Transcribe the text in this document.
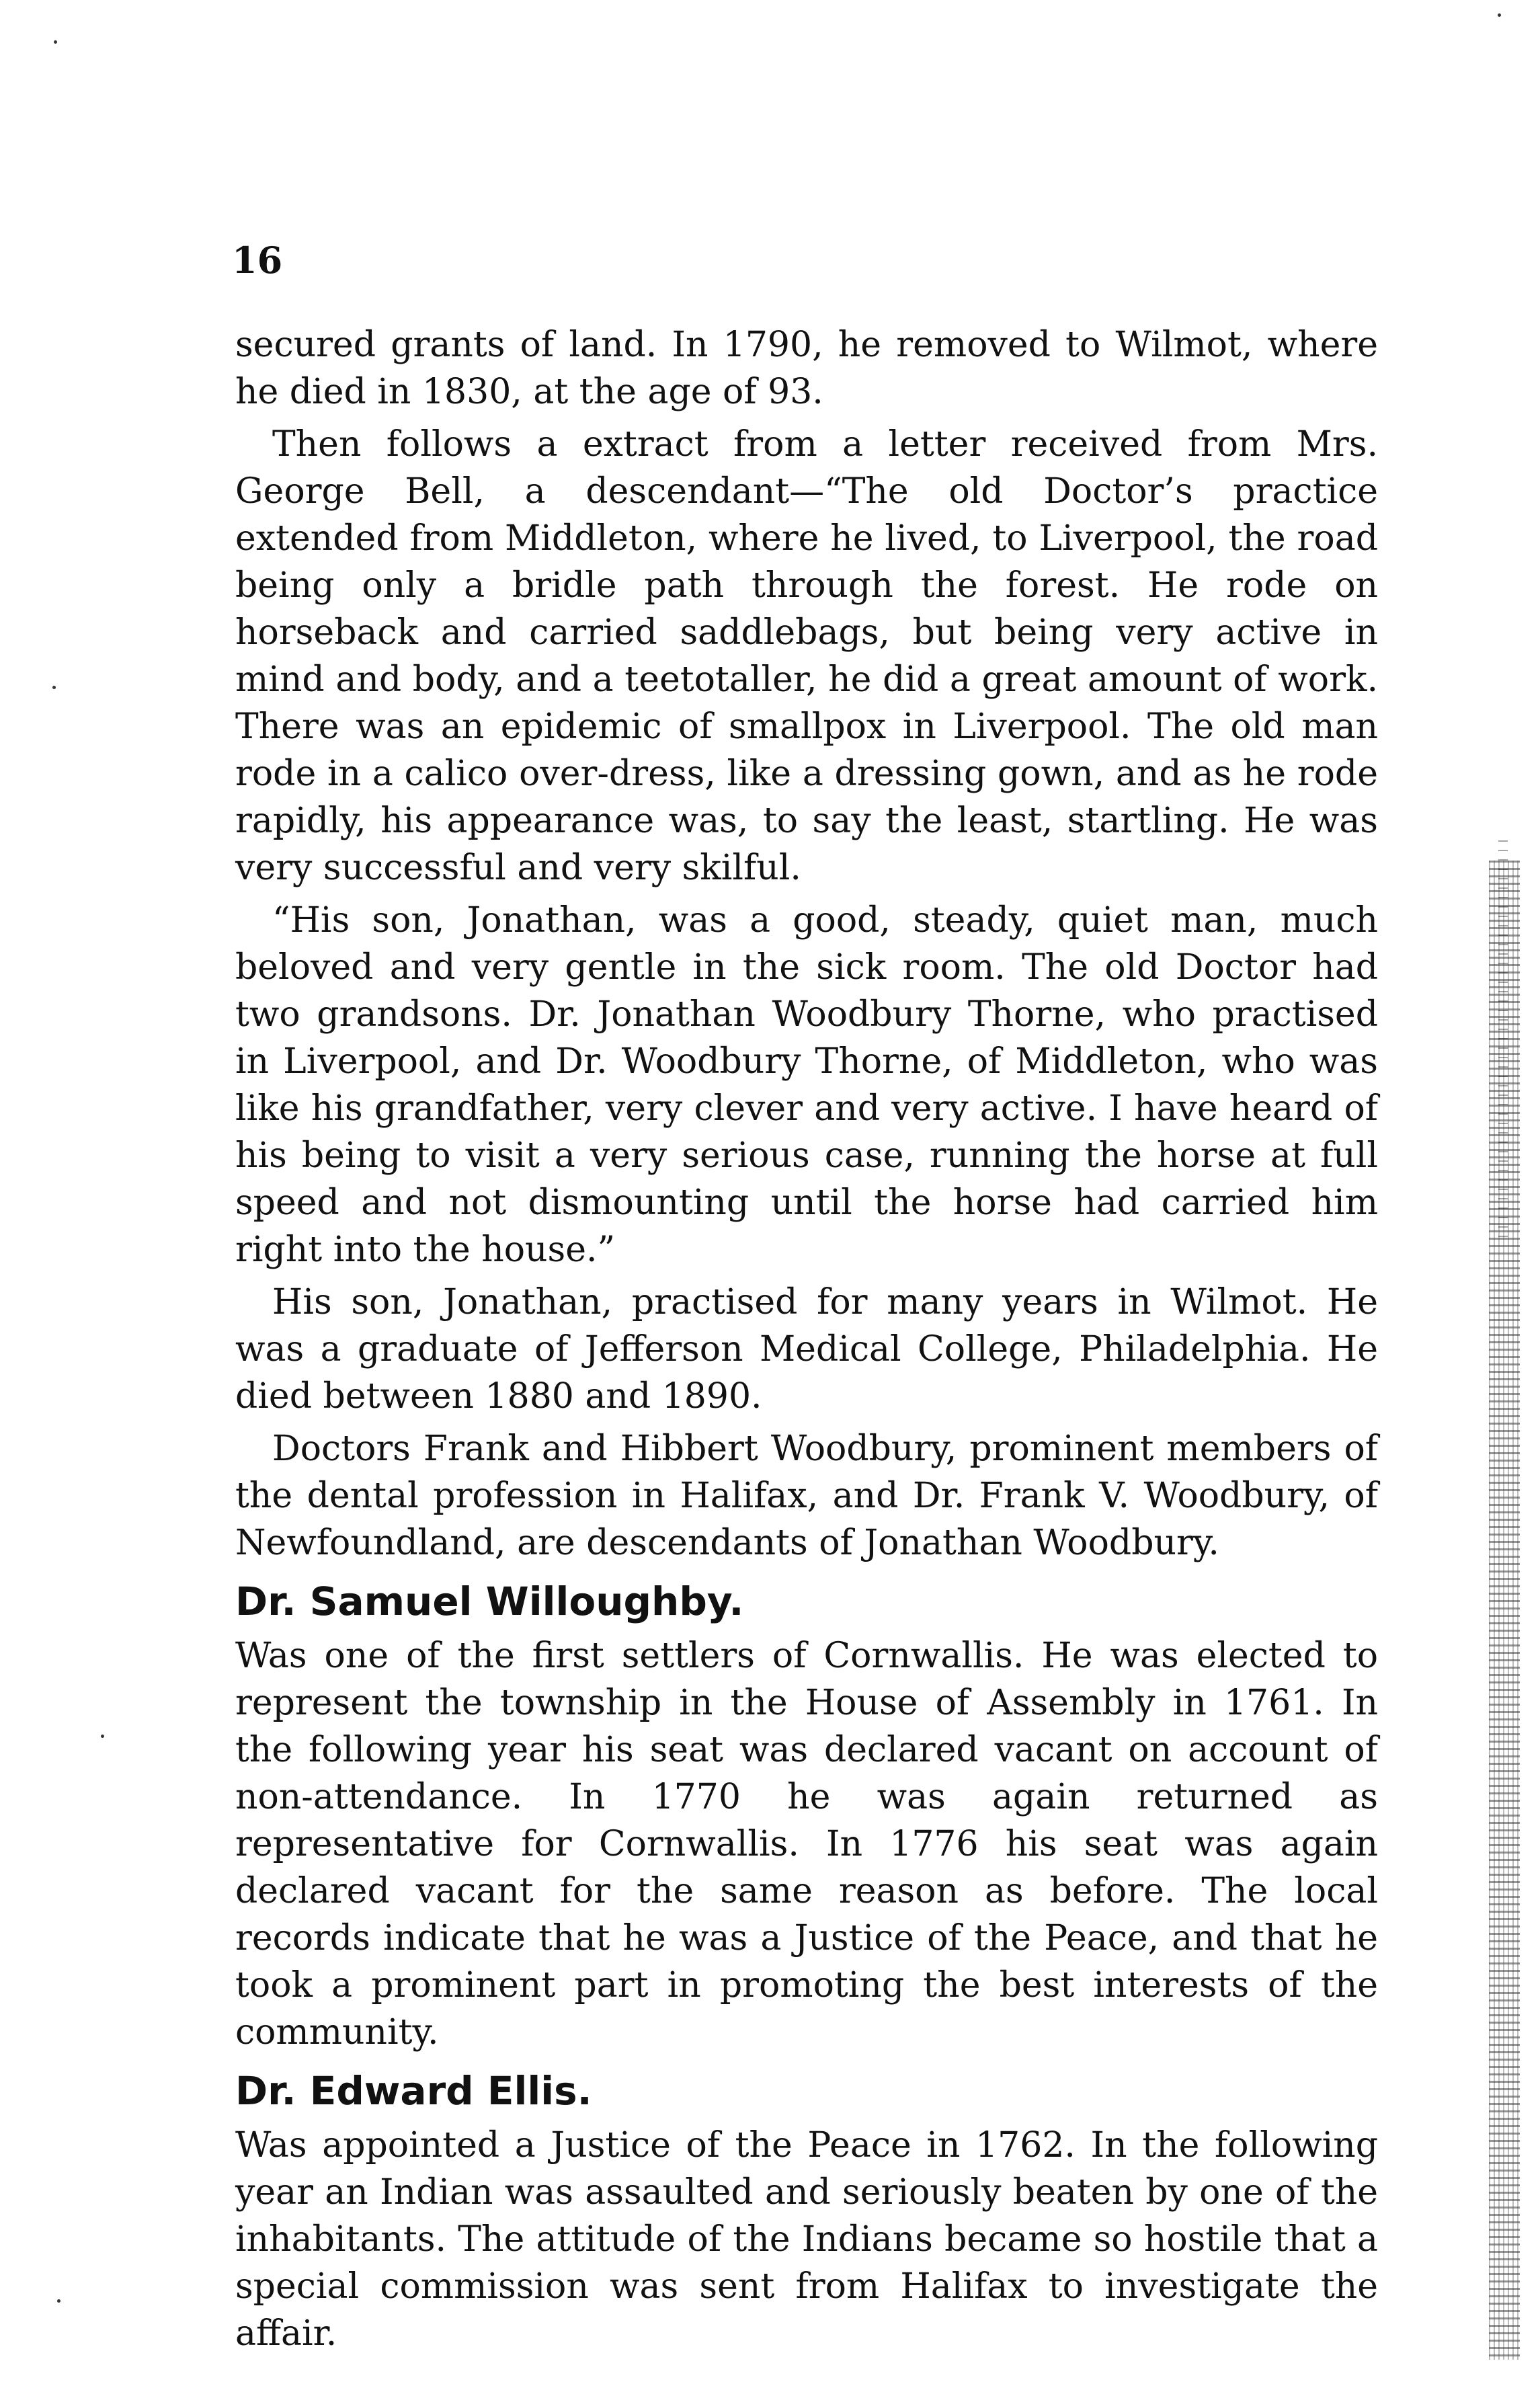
16

secured grants of land. In 1790, he removed to Wilmot, where he died in 1830, at the age of 93.

Then follows a extract from a letter received from Mrs. George Bell, a descendant—“The old Doctor’s practice extended from Middleton, where he lived, to Liverpool, the road being only a bridle path through the forest. He rode on horseback and carried saddlebags, but being very active in mind and body, and a teetotaller, he did a great amount of work. There was an epidemic of smallpox in Liverpool. The old man rode in a calico over-dress, like a dressing gown, and as he rode rapidly, his appearance was, to say the least, startling. He was very successful and very skilful.

“His son, Jonathan, was a good, steady, quiet man, much beloved and very gentle in the sick room. The old Doctor had two grandsons. Dr. Jonathan Woodbury Thorne, who practised in Liverpool, and Dr. Woodbury Thorne, of Middleton, who was like his grandfather, very clever and very active. I have heard of his being to visit a very serious case, running the horse at full speed and not dismounting until the horse had carried him right into the house.”

His son, Jonathan, practised for many years in Wilmot. He was a graduate of Jefferson Medical College, Philadelphia. He died between 1880 and 1890.

Doctors Frank and Hibbert Woodbury, prominent members of the dental profession in Halifax, and Dr. Frank V. Woodbury, of Newfoundland, are descendants of Jonathan Woodbury.

Dr. Samuel Willoughby.

Was one of the first settlers of Cornwallis. He was elected to represent the township in the House of Assembly in 1761. In the following year his seat was declared vacant on account of non-attendance. In 1770 he was again returned as representative for Cornwallis. In 1776 his seat was again declared vacant for the same reason as before. The local records indicate that he was a Justice of the Peace, and that he took a prominent part in promoting the best interests of the community.

Dr. Edward Ellis.

Was appointed a Justice of the Peace in 1762. In the following year an Indian was assaulted and seriously beaten by one of the inhabitants. The attitude of the Indians became so hostile that a special commission was sent from Halifax to investigate the affair.
